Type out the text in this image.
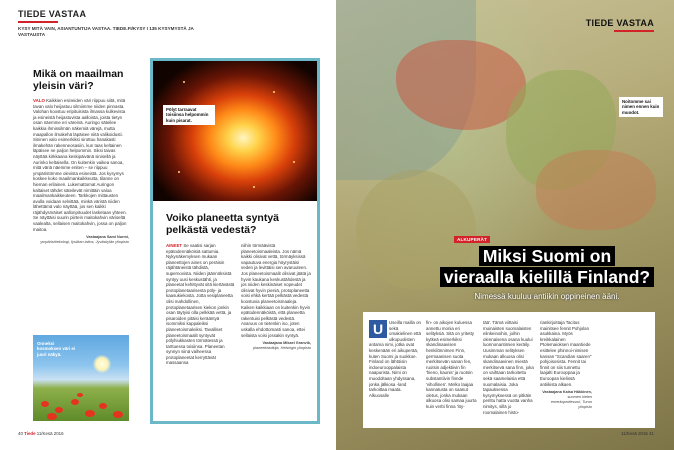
TIEDE VASTAA
KYSY MITÄ VAIN, ASIANTUNTIJA VASTAA. TIEDE.FI/KYSY I 135 KYSYMYSTÄ JA VASTAUSTA
Mikä on maailman yleisin väri?

VALO Kaikkien esineiden väri riippuu siitä, mitä tavan valo heijastuu silmiimme niiden pinnasta. Valohan koostuu eripituisista ilmassa kulkevista ja esineistä heijastuvista aalloista, joista tietyn osan näemme eri väreinä. Auringo säteilee kaikkia ihmissilmän näkemiä värejä, mutta maapallon ilmakehä läpäisee niitä valikoidusti. Sininen valo esimerkiksi sirottuu hanakasti ilmakehän rakenneosasiin, kun taas keltainen läpäisee ne paljon helpommin. Siksi taivas näyttää kirkkaana keskipäivänä sinisellä ja Aurinko keltaisella. On kuitenkin vaikea sanoa, mitä väriä näemme eniten – se riippuu ympäristömme olevista esineistä. Jos kysymys koskee koko maailmankaikkeutta, tilanne on hieman erilainen. Lukemattomat Auringon kaltaiset tähdet säteilevät nimittäin valoa maailmankaikkeuteen. Tarkkojen mittausten avulla voidaan selvittää, minkä väristä niiden lähettämä valo näyttää, jos sen kaikki räjähdysmäiset aallonpituudet lasketaan yhteen. Se näyttäisi suurin piirtein maitokahvin väriseltä vaalealta, sellaisen maitokahvin, jossa on paljon maitoa.

Vastaajana Sami Nurmi,
ympäristöekologi, fysiikan laitos, Jyväskylän yliopisto
Onneksi kosmoksen väri ei juuri näkyä.
Pölyt tarraavat toisiinsa helpommin kuin pisarat.
Voiko planeetta syntyä pelkästä vedestä?

AINEET Se vaatisi sarjan epätodennäköisiä sattumia. Nykynäkemyksen mukaan planeettojen aines on peräisin räjähtäneistä tähdistä, supernovista. Niiden jäännöksistä syntyy uusi keskustähti, ja planeetat kehittyvät sitä kiertävästä protoplanetaarisesta pöly- ja kaasukiekosta. Jotta vesiplaneetta olisi mahdollinen, protoplanetaarisen kiekon jonkin osan täytyisi olla pelkkää vettä, ja pisaroiden pitäisi kerääntyä isommiksi kappaleiksi planeetoismaleiksi. Tavalliset planeetoismaalit syntyvät pölyhiukkasten törmätessä ja tarttuessa toisiinsa. Planeetan synnyn siinä vaiheessa protoplaneetat kerryttävät massaansa

niihin törmäävistä planeetoismaaleista. Jos nämä kaikki olisivat vettä, törmäyksissä vapautuva energia höyrystäisi veden ja levittäisi sen avaruuteen. Jos planeetoismaalit olisivat jäätä ja hyvin kaukana keskustähdestä ja jos niiden keskinäiset nopeudet olisivat hyvin pieniä, protoplaneetta voisi ehkä kertää pelkästä vedestä koostuvia planeetoismaaleja. Kaiken kaikkiaan on kuitenkin hyvin epätodennäköistä, että planeetta rakentuisi pelkästä vedestä. Avaruus on tietenkin iso, joten uskalla ehdottomasti sanoa, ettei sellaista voisi jossakin syntyä.

Vastaajana Mikael Granvik,
planeettatutkija, Helsingin yliopisto
40 Tiede 11/Kesä 2016
TIEDE VASTAA
Noitomme sai nimen ennen kuin muodot.
ALKUPERÄT
Miksi Suomi on
vieraalla kielillä Finland?
Nimessä kuuluu antiikin oppineinen ääni.

U	Useilla mailla on sekä omakielinen että ulkopuolisten antama nimi, jotka ovat keskenään eri aikuperää, kuten Suomi ja suokkoe. Finland on lähtöisin indoeurooppalaista naapurista. Nimi on muodoltaan yhdyssana, jonka jälkiosa -land tarkoittaa maata. Alkuosalle

fin- on aikojen kuluessa annettu monia eri selityksiä. Sitä on yritetty kytkeä esimerkiksi skandinaavisen henkilönnimen Finn, germaanisen suota merkitsevän sanan fen, ruotsin adjektiivin fin 'hieno, kaunis' ja ruotsin substantiivin finnde 'vihollinen'. Melko laajaa kannatusta on saanut oletus, jonka mukaan alkuosa olisi samaa juurta kuin verbi finna 'löy-

tää'. Tämä viittaisi muinaisten suomalaisten elinkeinoihin, joihin olennaisena osana kuului luonnonantimien keräily. Uusimman selityksen mukaan alkuosa olisi skandinaavinen miestä merkitsevä sana finn, joka on vaihtaan tarkoitettu sekä saamelaisia että suomalaisia. Joka tapauksessa kysymyksessä on pitkäin perittu hatta vuotta vanha nimitys, sillä jo roomalainen histo-

riankirjoittaja Tacitus mainitsee fennit Pohjolan asukkaina. Myös kreikkalainen Ptolemaioksen maantiede esittelee phinnoi-nimisen kansan "Scandian saaren" pohjoisosista. Fennit tai finnit on siis tunnettu laajalti Eurooppaa ja Euroopan kielissä antiikista alkaen.

Vastaajana Kaisa Häkkinen,
suomen kielen emeritaprofessori, Turun yliopisto
11/Kesä 2016 41
